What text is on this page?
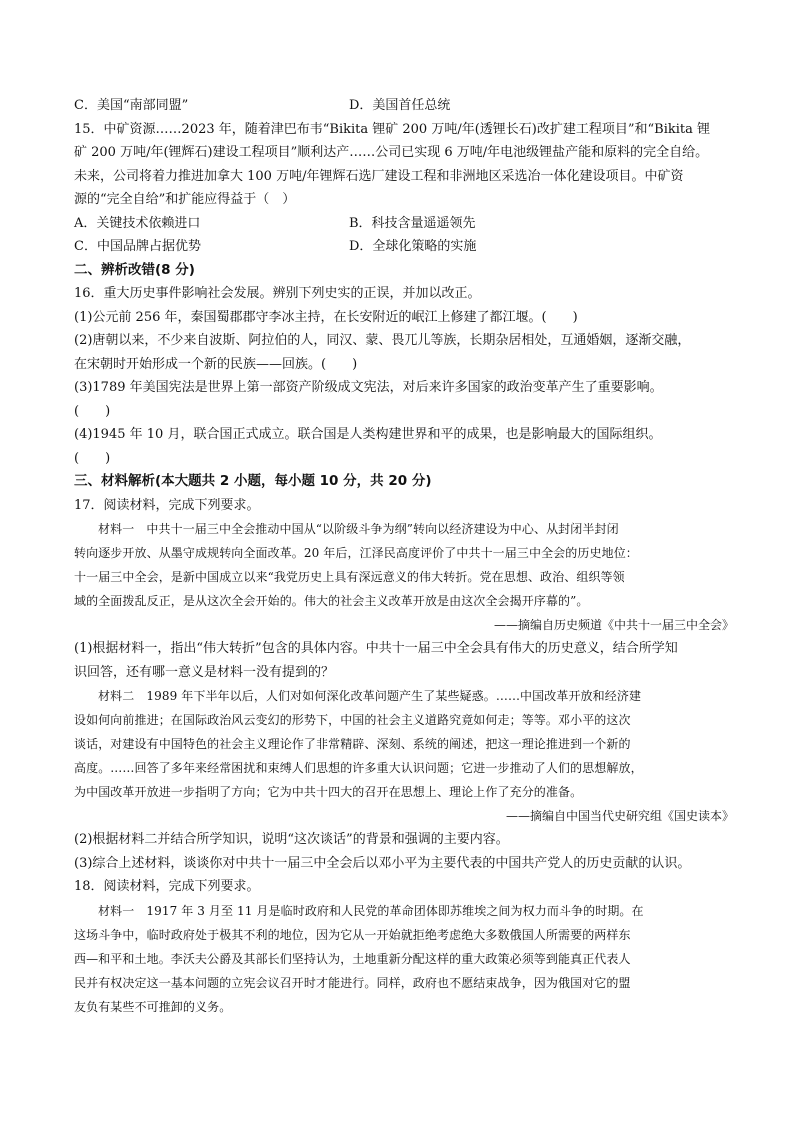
C．美国“南部同盟”	D．美国首任总统
15．中矿资源……2023 年，随着津巴布韦“Bikita 锂矿 200 万吨/年(透锂长石)改扩建工程项目”和“Bikita 锂
矿 200 万吨/年(锂辉石)建设工程项目”顺利达产……公司已实现 6 万吨/年电池级锂盐产能和原料的完全自给。
未来，公司将着力推进加拿大 100 万吨/年锂辉石选厂建设工程和非洲地区采选冶一体化建设项目。中矿资
源的“完全自给”和扩能应得益于（　）
A．关键技术依赖进口	B．科技含量遥遥领先
C．中国品牌占据优势	D．全球化策略的实施
二、辨析改错(8 分)
16．重大历史事件影响社会发展。辨别下列史实的正误，并加以改正。
(1)公元前 256 年，秦国蜀郡郡守李冰主持，在长安附近的岷江上修建了都江堰。(　　)
(2)唐朝以来，不少来自波斯、阿拉伯的人，同汉、蒙、畏兀儿等族，长期杂居相处，互通婚姻，逐渐交融，
在宋朝时开始形成一个新的民族——回族。(　　)
(3)1789 年美国宪法是世界上第一部资产阶级成文宪法，对后来许多国家的政治变革产生了重要影响。
(　　)
(4)1945 年 10 月，联合国正式成立。联合国是人类构建世界和平的成果，也是影响最大的国际组织。
(　　)
三、材料解析(本大题共 2 小题，每小题 10 分，共 20 分)
17．阅读材料，完成下列要求。
材料一　中共十一届三中全会推动中国从“以阶级斗争为纲”转向以经济建设为中心、从封闭半封闭
转向逐步开放、从墨守成规转向全面改革。20 年后，江泽民高度评价了中共十一届三中全会的历史地位：
十一届三中全会，是新中国成立以来“我党历史上具有深远意义的伟大转折。党在思想、政治、组织等领
域的全面拨乱反正，是从这次全会开始的。伟大的社会主义改革开放是由这次全会揭开序幕的”。
——摘编自历史频道《中共十一届三中全会》
(1)根据材料一，指出“伟大转折”包含的具体内容。中共十一届三中全会具有伟大的历史意义，结合所学知
识回答，还有哪一意义是材料一没有提到的？
材料二　1989 年下半年以后，人们对如何深化改革问题产生了某些疑惑。……中国改革开放和经济建
设如何向前推进；在国际政治风云变幻的形势下，中国的社会主义道路究竟如何走；等等。邓小平的这次
谈话，对建设有中国特色的社会主义理论作了非常精辟、深刻、系统的阐述，把这一理论推进到一个新的
高度。……回答了多年来经常困扰和束缚人们思想的许多重大认识问题；它进一步推动了人们的思想解放，
为中国改革开放进一步指明了方向；它为中共十四大的召开在思想上、理论上作了充分的准备。
——摘编自中国当代史研究组《国史读本》
(2)根据材料二并结合所学知识，说明“这次谈话”的背景和强调的主要内容。
(3)综合上述材料，谈谈你对中共十一届三中全会后以邓小平为主要代表的中国共产党人的历史贡献的认识。
18．阅读材料，完成下列要求。
材料一　1917 年 3 月至 11 月是临时政府和人民党的革命团体即苏维埃之间为权力而斗争的时期。在
这场斗争中，临时政府处于极其不利的地位，因为它从一开始就拒绝考虑绝大多数俄国人所需要的两样东
西—和平和土地。李沃夫公爵及其部长们坚持认为，土地重新分配这样的重大政策必须等到能真正代表人
民并有权决定这一基本问题的立宪会议召开时才能进行。同样，政府也不愿结束战争，因为俄国对它的盟
友负有某些不可推卸的义务。
